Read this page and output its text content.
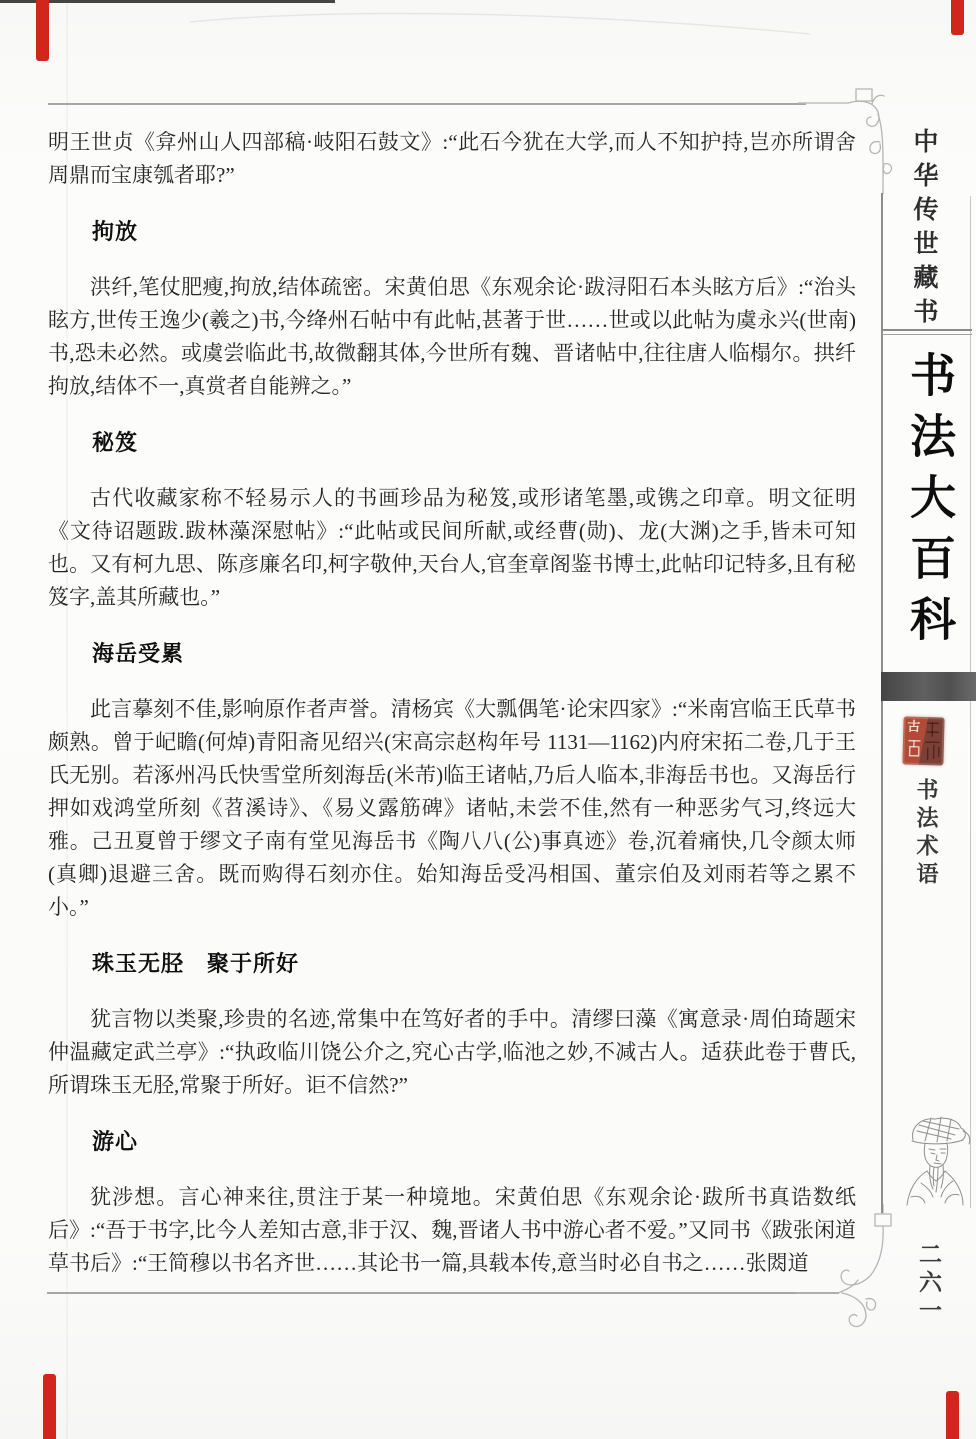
明王世贞《弇州山人四部稿·岐阳石鼓文》:“此石今犹在大学,而人不知护持,岂亦所谓舍周鼎而宝康瓠者耶?”

拘放

洪纤,笔仗肥瘦,拘放,结体疏密。宋黄伯思《东观余论·跋浔阳石本头眩方后》:“治头眩方,世传王逸少(羲之)书,今绛州石帖中有此帖,甚著于世……世或以此帖为虞永兴(世南)书,恐未必然。或虞尝临此书,故微翻其体,今世所有魏、晋诸帖中,往往唐人临榻尔。拱纤拘放,结体不一,真赏者自能辨之。”

秘笈

古代收藏家称不轻易示人的书画珍品为秘笈,或形诸笔墨,或镌之印章。明文征明《文待诏题跋.跋林藻深慰帖》:“此帖或民间所献,或经曹(勋)、龙(大渊)之手,皆未可知也。又有柯九思、陈彦廉名印,柯字敬仲,天台人,官奎章阁鉴书博士,此帖印记特多,且有秘笈字,盖其所藏也。”

海岳受累

此言摹刻不佳,影响原作者声誉。清杨宾《大瓢偶笔·论宋四家》:“米南宫临王氏草书颇熟。曾于屺瞻(何焯)青阳斋见绍兴(宋高宗赵构年号 1131—1162)内府宋拓二卷,几于王氏无别。若涿州冯氏快雪堂所刻海岳(米芾)临王诸帖,乃后人临本,非海岳书也。又海岳行押如戏鸿堂所刻《苕溪诗》、《易义露筋碑》诸帖,未尝不佳,然有一种恶劣气习,终远大雅。己丑夏曾于缪文子南有堂见海岳书《陶八八(公)事真迹》卷,沉着痛快,几令颜太师(真卿)退避三舍。既而购得石刻亦住。始知海岳受冯相国、董宗伯及刘雨若等之累不小。”

珠玉无胫　聚于所好

犹言物以类聚,珍贵的名迹,常集中在笃好者的手中。清缪曰藻《寓意录·周伯琦题宋仲温藏定武兰亭》:“执政临川饶公介之,究心古学,临池之妙,不减古人。适获此卷于曹氏,所谓珠玉无胫,常聚于所好。讵不信然?”

游心

犹涉想。言心神来往,贯注于某一种境地。宋黄伯思《东观余论·跋所书真诰数纸后》:“吾于书字,比今人差知古意,非于汉、魏,晋诸人书中游心者不爱。”又同书《跋张闲道草书后》:“王简穆以书名齐世……其论书一篇,具载本传,意当时必自书之……张閦道

中华传世藏书
书法大百科
古
书法术语
二六一
